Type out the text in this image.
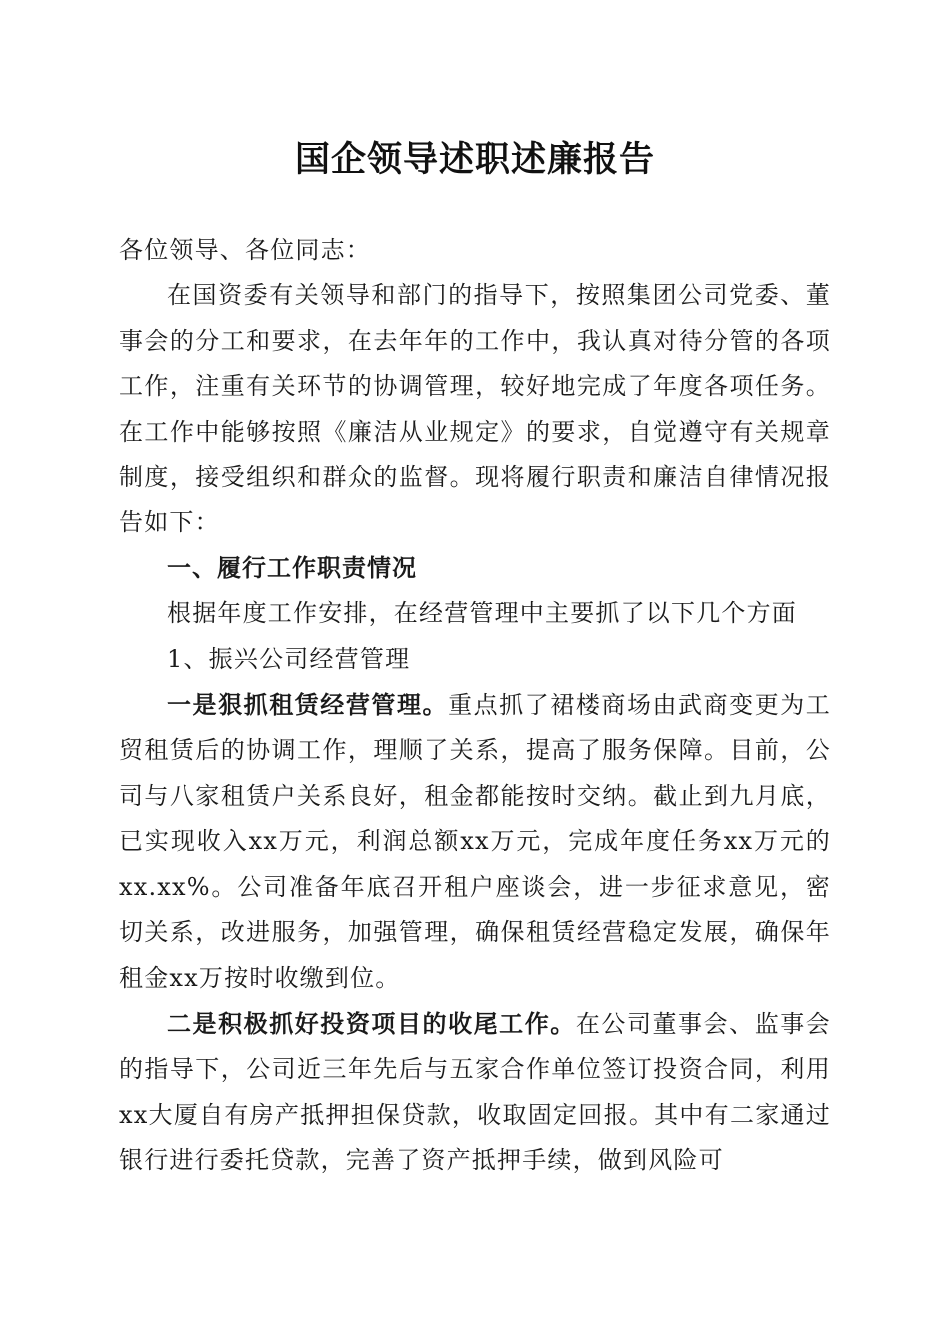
国企领导述职述廉报告

各位领导、各位同志：

在国资委有关领导和部门的指导下，按照集团公司党委、董事会的分工和要求，在去年年的工作中，我认真对待分管的各项工作，注重有关环节的协调管理，较好地完成了年度各项任务。在工作中能够按照《廉洁从业规定》的要求，自觉遵守有关规章制度，接受组织和群众的监督。现将履行职责和廉洁自律情况报告如下：

一、履行工作职责情况

根据年度工作安排，在经营管理中主要抓了以下几个方面

1、振兴公司经营管理

一是狠抓租赁经营管理。重点抓了裙楼商场由武商变更为工贸租赁后的协调工作，理顺了关系，提高了服务保障。目前，公司与八家租赁户关系良好，租金都能按时交纳。截止到九月底，已实现收入xx万元，利润总额xx万元，完成年度任务xx万元的xx.xx%。公司准备年底召开租户座谈会，进一步征求意见，密切关系，改进服务，加强管理，确保租赁经营稳定发展，确保年租金xx万按时收缴到位。

二是积极抓好投资项目的收尾工作。在公司董事会、监事会的指导下，公司近三年先后与五家合作单位签订投资合同，利用xx大厦自有房产抵押担保贷款，收取固定回报。其中有二家通过银行进行委托贷款，完善了资产抵押手续，做到风险可
